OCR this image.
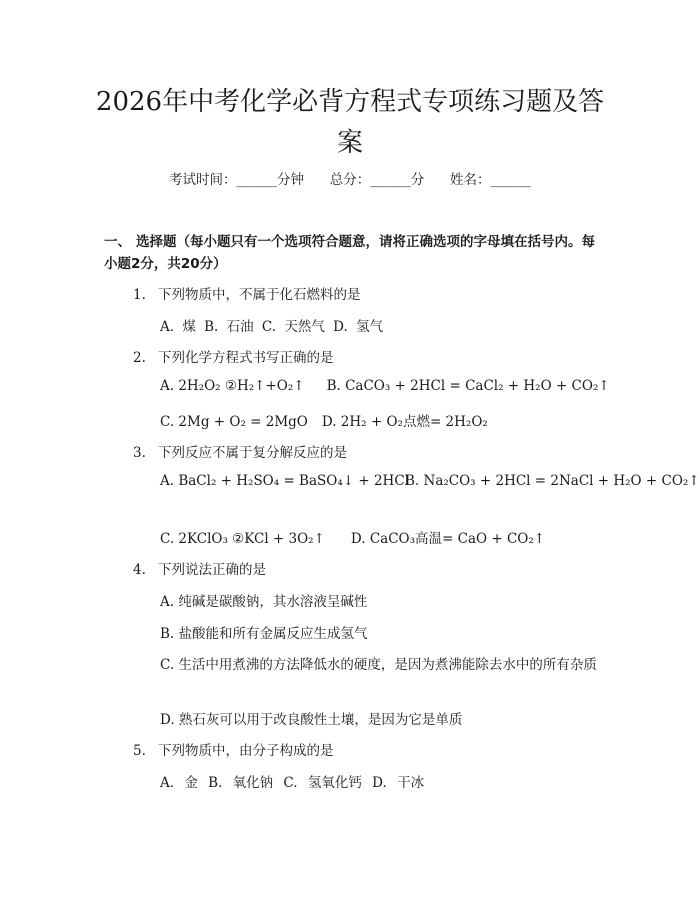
2026年中考化学必背方程式专项练习题及答案
考试时间：______分钟      总分：______分      姓名：______
一、 选择题（每小题只有一个选项符合题意，请将正确选项的字母填在括号内。每小题2分，共20分）
1. 下列物质中，不属于化石燃料的是
A. 煤 B. 石油 C. 天然气 D. 氢气
2. 下列化学方程式书写正确的是
A. 2H₂O₂ ②H₂↑+O₂↑ B. CaCO₃ + 2HCl = CaCl₂ + H₂O + CO₂↑
C. 2Mg + O₂ = 2MgO D. 2H₂ + O₂点燃= 2H₂O₂
3. 下列反应不属于复分解反应的是
A. BaCl₂ + H₂SO₄ = BaSO₄↓ + 2HCl
B. Na₂CO₃ + 2HCl = 2NaCl + H₂O + CO₂↑
C. 2KClO₃ ②KCl + 3O₂↑ D. CaCO₃高温= CaO + CO₂↑
4. 下列说法正确的是
A. 纯碱是碳酸钠，其水溶液呈碱性
B. 盐酸能和所有金属反应生成氢气
C. 生活中用煮沸的方法降低水的硬度，是因为煮沸能除去水中的所有杂质
D. 熟石灰可以用于改良酸性土壤，是因为它是单质
5. 下列物质中，由分子构成的是
A. 金 B. 氧化钠 C. 氢氧化钙 D. 干冰
